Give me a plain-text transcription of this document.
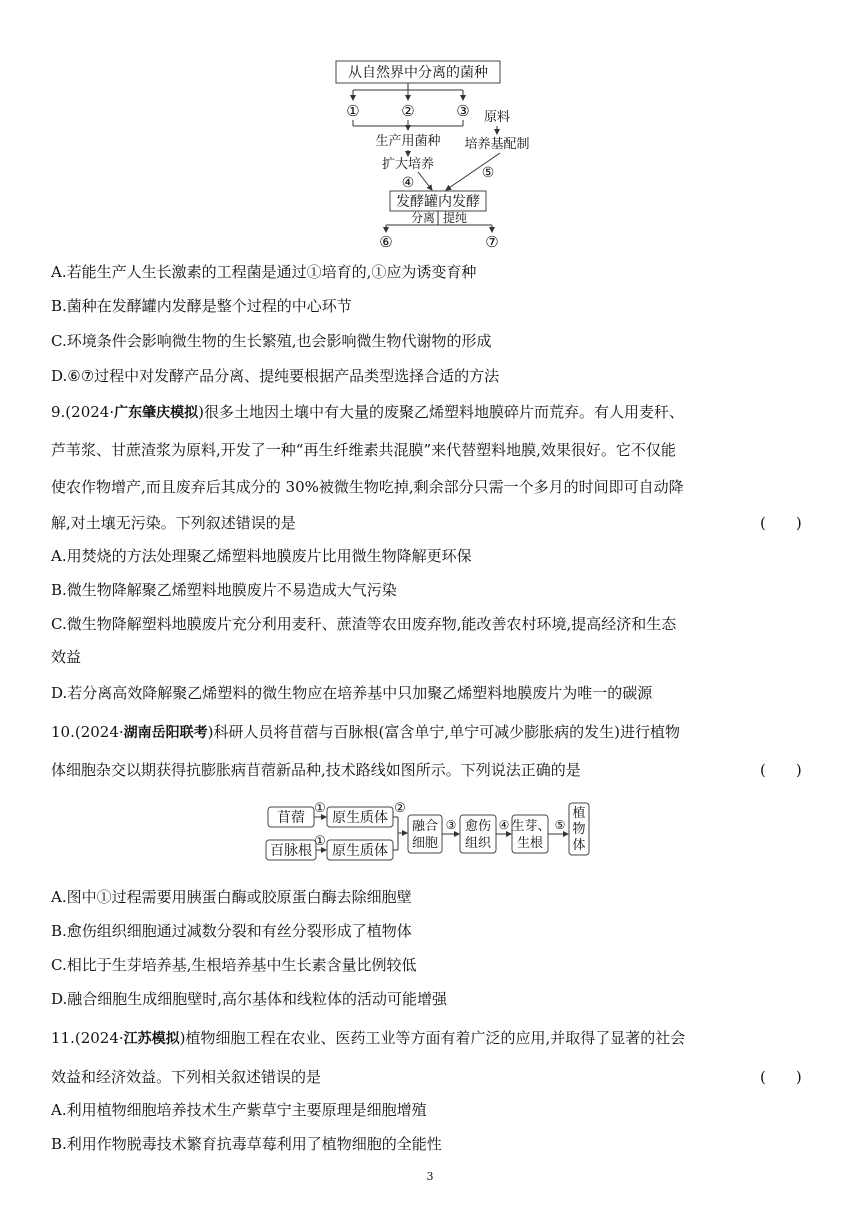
从自然界中分离的菌种
①	②	③ 原料
生产用菌种 培养基配制
扩大培养
④
⑤
发酵罐内发酵
分离 提纯
⑥	⑦
A.若能生产人生长激素的工程菌是通过①培育的,①应为诱变育种
B.菌种在发酵罐内发酵是整个过程的中心环节
C.环境条件会影响微生物的生长繁殖,也会影响微生物代谢物的形成
D.⑥⑦过程中对发酵产品分离、提纯要根据产品类型选择合适的方法
9.(2024·广东肇庆模拟)很多土地因土壤中有大量的废聚乙烯塑料地膜碎片而荒弃。有人用麦秆、
芦苇浆、甘蔗渣浆为原料,开发了一种“再生纤维素共混膜”来代替塑料地膜,效果很好。它不仅能
使农作物增产,而且废弃后其成分的 30%被微生物吃掉,剩余部分只需一个多月的时间即可自动降
解,对土壤无污染。下列叙述错误的是	(　　)
A.用焚烧的方法处理聚乙烯塑料地膜废片比用微生物降解更环保
B.微生物降解聚乙烯塑料地膜废片不易造成大气污染
C.微生物降解塑料地膜废片充分利用麦秆、蔗渣等农田废弃物,能改善农村环境,提高经济和生态
效益
D.若分离高效降解聚乙烯塑料的微生物应在培养基中只加聚乙烯塑料地膜废片为唯一的碳源
10.(2024·湖南岳阳联考)科研人员将苜蓿与百脉根(富含单宁,单宁可减少膨胀病的发生)进行植物
体细胞杂交以期获得抗膨胀病苜蓿新品种,技术路线如图所示。下列说法正确的是	(　　)
苜蓿
百脉根
①
①
原生质体
原生质体
②
融合
细胞
③ 愈伤
组织
④ 生芽、
生根
⑤
植
物
体
A.图中①过程需要用胰蛋白酶或胶原蛋白酶去除细胞壁
B.愈伤组织细胞通过减数分裂和有丝分裂形成了植物体
C.相比于生芽培养基,生根培养基中生长素含量比例较低
D.融合细胞生成细胞壁时,高尔基体和线粒体的活动可能增强
11.(2024·江苏模拟)植物细胞工程在农业、医药工业等方面有着广泛的应用,并取得了显著的社会
效益和经济效益。下列相关叙述错误的是	(　　)
A.利用植物细胞培养技术生产紫草宁主要原理是细胞增殖
B.利用作物脱毒技术繁育抗毒草莓利用了植物细胞的全能性
3
